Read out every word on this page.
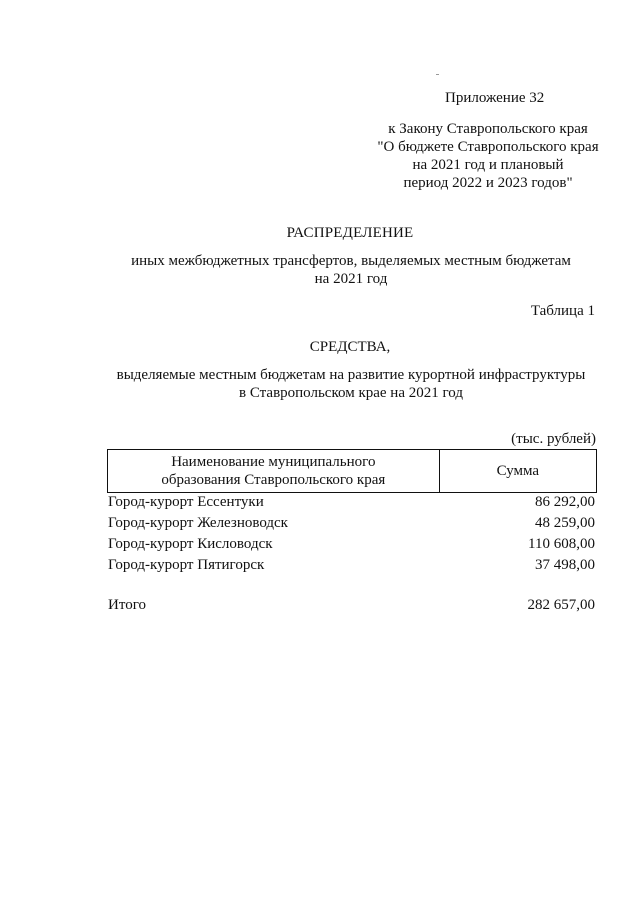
Приложение 32
к Закону Ставропольского края
"О бюджете Ставропольского края
на 2021 год и плановый
период 2022 и 2023 годов"
РАСПРЕДЕЛЕНИЕ
иных межбюджетных трансфертов, выделяемых местным бюджетам
на 2021 год
Таблица 1
СРЕДСТВА,
выделяемые местным бюджетам на развитие курортной инфраструктуры
в Ставропольском крае на 2021 год
(тыс. рублей)
Наименование муниципального
образования Ставропольского края
	Сумма
Город-курорт Ессентуки	86 292,00
Город-курорт Железноводск	48 259,00
Город-курорт Кисловодск	110 608,00
Город-курорт Пятигорск	37 498,00
Итого	282 657,00
